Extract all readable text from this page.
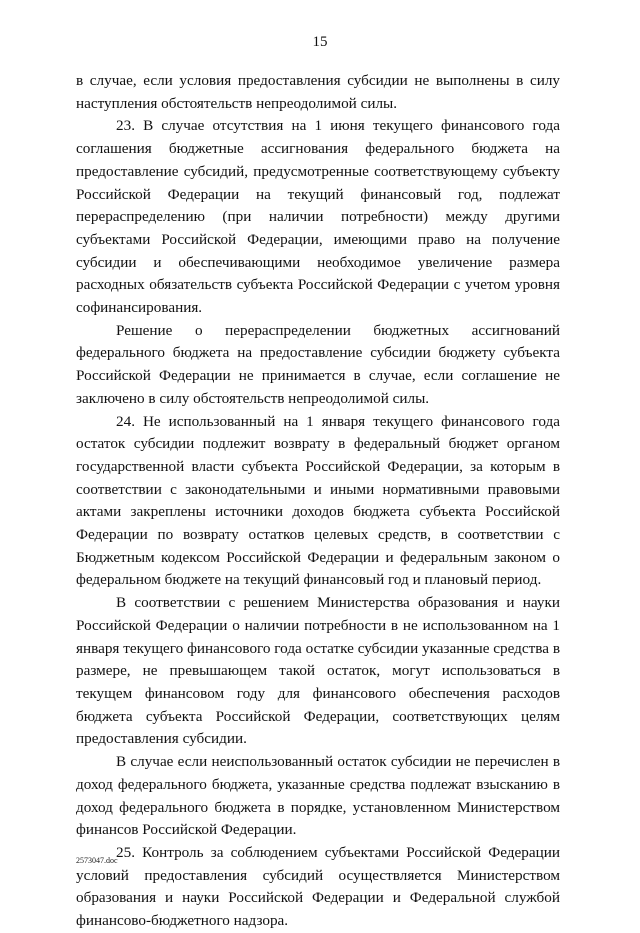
15

в случае, если условия предоставления субсидии не выполнены в силу наступления обстоятельств непреодолимой силы.

23. В случае отсутствия на 1 июня текущего финансового года соглашения бюджетные ассигнования федерального бюджета на предоставление субсидий, предусмотренные соответствующему субъекту Российской Федерации на текущий финансовый год, подлежат перераспределению (при наличии потребности) между другими субъектами Российской Федерации, имеющими право на получение субсидии и обеспечивающими необходимое увеличение размера расходных обязательств субъекта Российской Федерации с учетом уровня софинансирования.

Решение о перераспределении бюджетных ассигнований федерального бюджета на предоставление субсидии бюджету субъекта Российской Федерации не принимается в случае, если соглашение не заключено в силу обстоятельств непреодолимой силы.

24. Не использованный на 1 января текущего финансового года остаток субсидии подлежит возврату в федеральный бюджет органом государственной власти субъекта Российской Федерации, за которым в соответствии с законодательными и иными нормативными правовыми актами закреплены источники доходов бюджета субъекта Российской Федерации по возврату остатков целевых средств, в соответствии с Бюджетным кодексом Российской Федерации и федеральным законом о федеральном бюджете на текущий финансовый год и плановый период.

В соответствии с решением Министерства образования и науки Российской Федерации о наличии потребности в не использованном на 1 января текущего финансового года остатке субсидии указанные средства в размере, не превышающем такой остаток, могут использоваться в текущем финансовом году для финансового обеспечения расходов бюджета субъекта Российской Федерации, соответствующих целям предоставления субсидии.

В случае если неиспользованный остаток субсидии не перечислен в доход федерального бюджета, указанные средства подлежат взысканию в доход федерального бюджета в порядке, установленном Министерством финансов Российской Федерации.

25. Контроль за соблюдением субъектами Российской Федерации условий предоставления субсидий осуществляется Министерством образования и науки Российской Федерации и Федеральной службой финансово-бюджетного надзора.

2573047.doc
